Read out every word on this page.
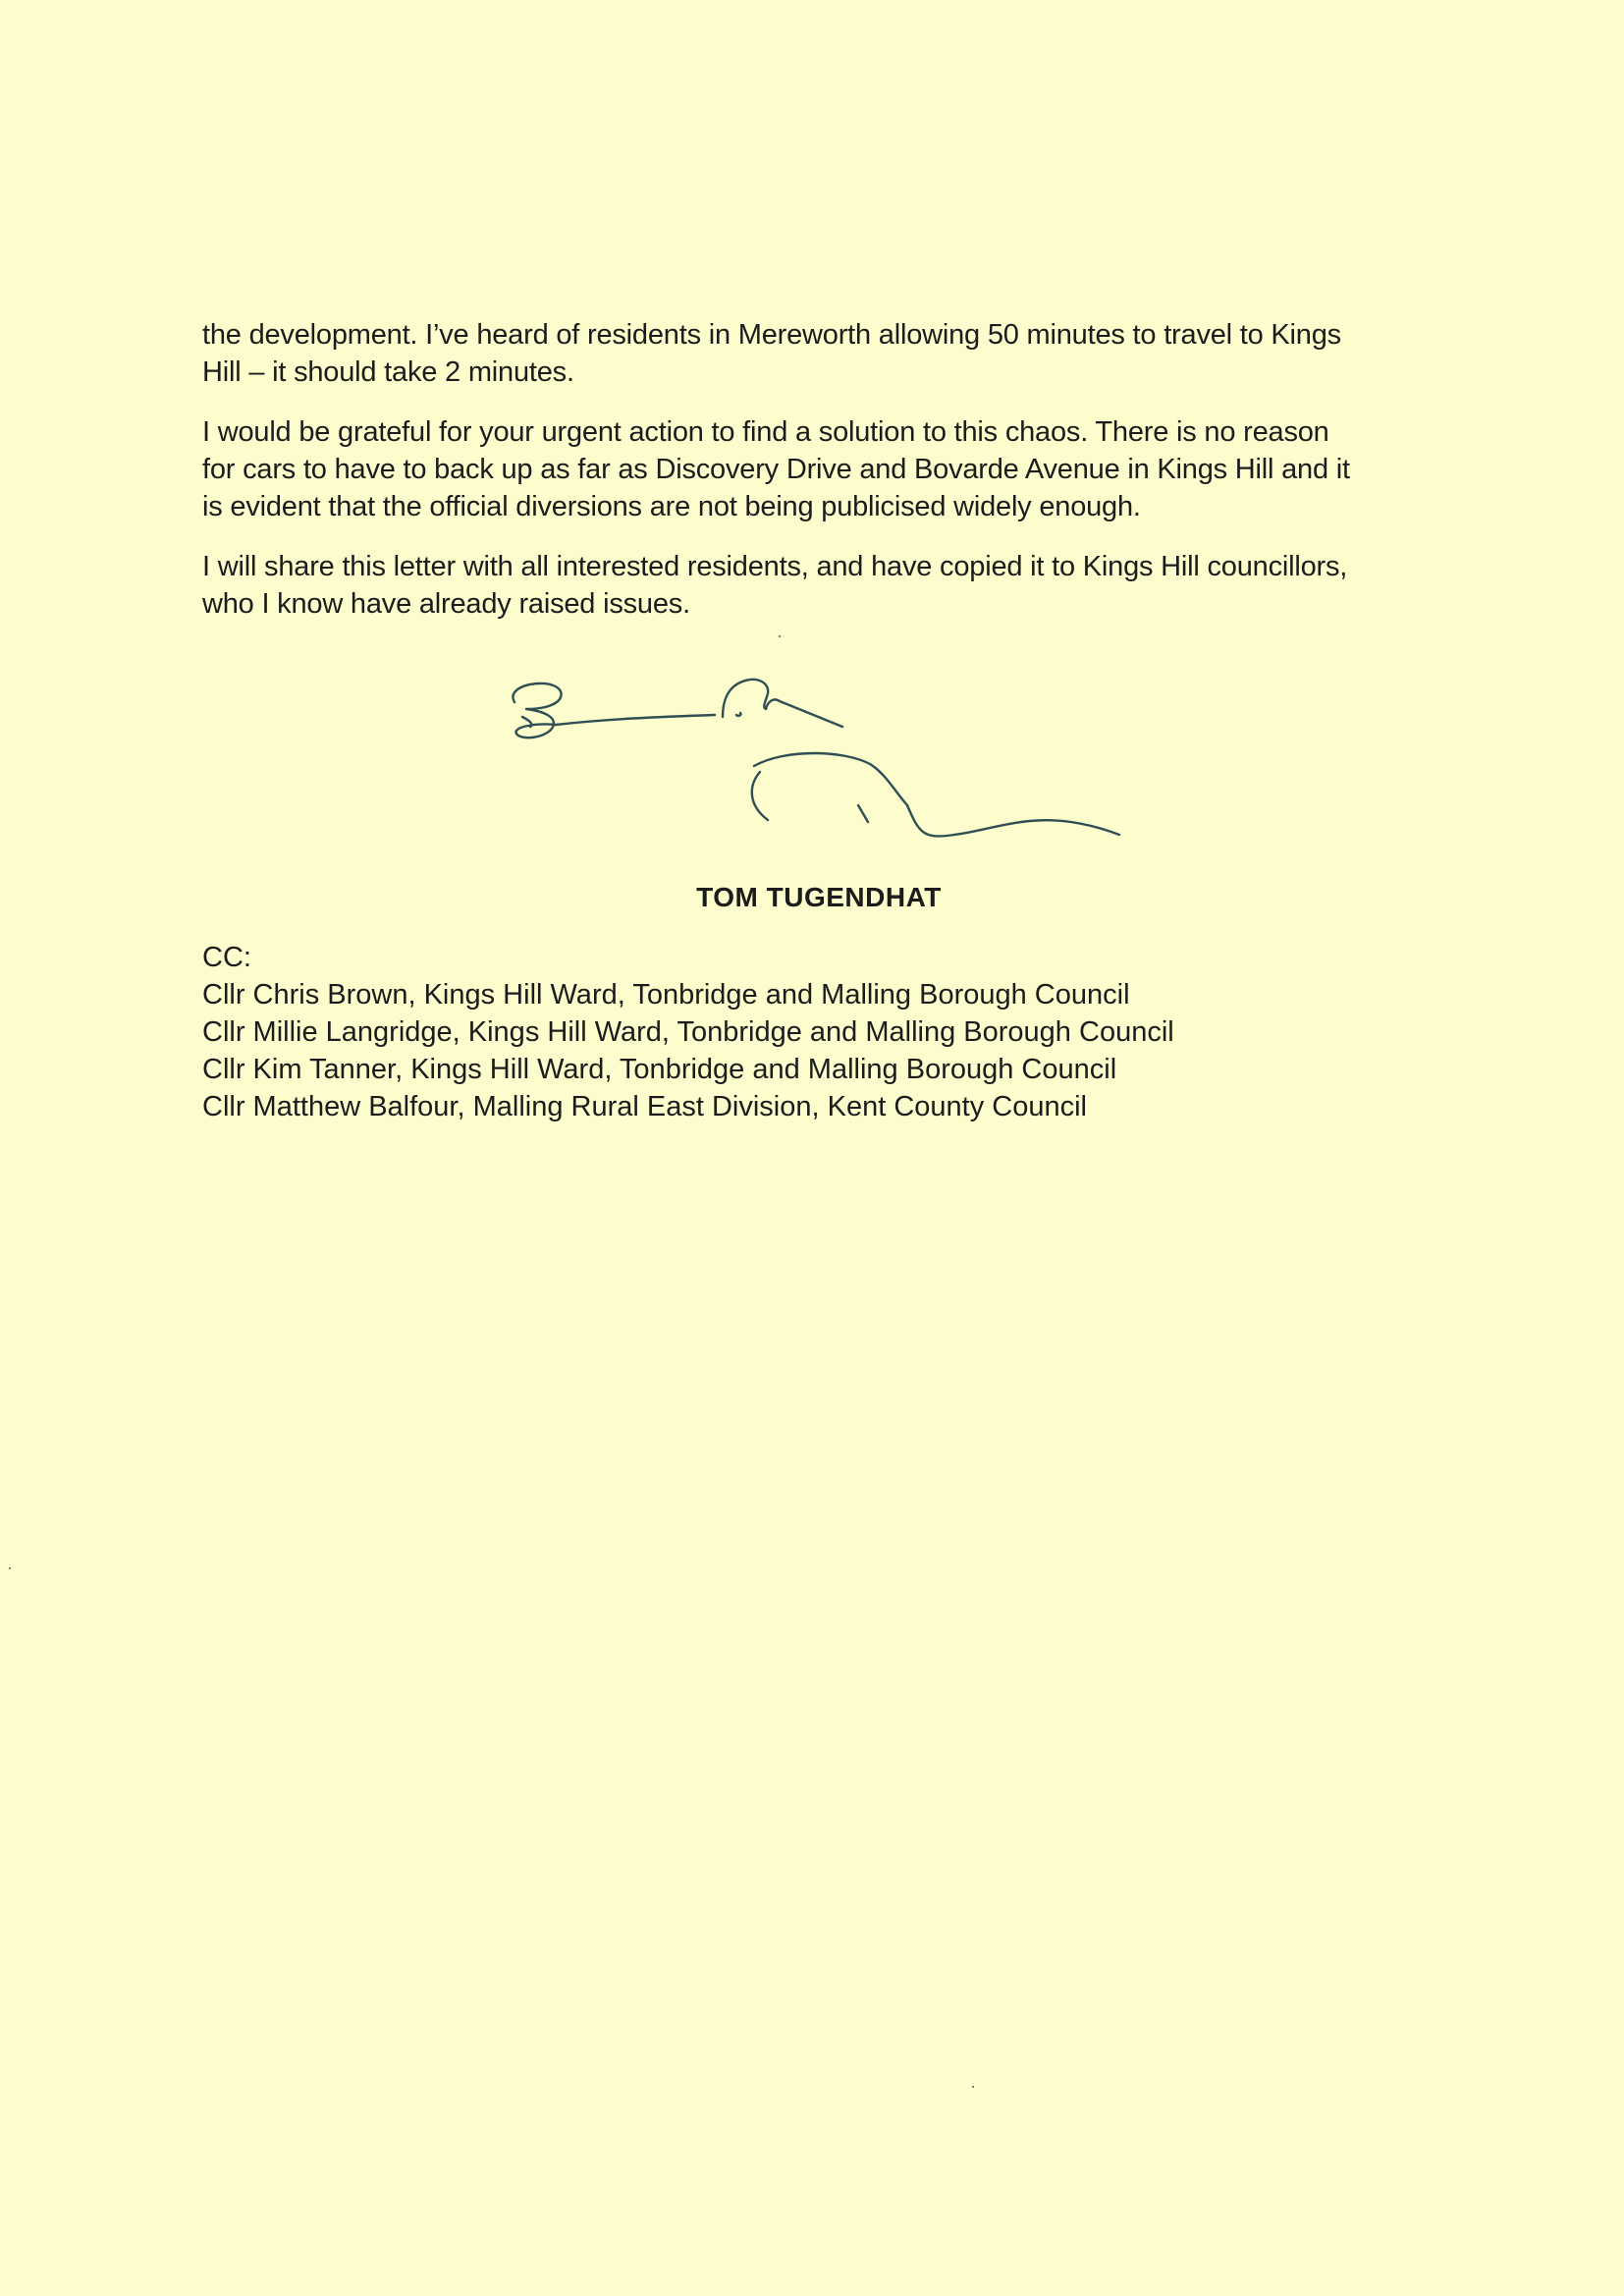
the development. I’ve heard of residents in Mereworth allowing 50 minutes to travel to Kings
Hill – it should take 2 minutes.

I would be grateful for your urgent action to find a solution to this chaos. There is no reason
for cars to have to back up as far as Discovery Drive and Bovarde Avenue in Kings Hill and it
is evident that the official diversions are not being publicised widely enough.

I will share this letter with all interested residents, and have copied it to Kings Hill councillors,
who I know have already raised issues.

TOM TUGENDHAT
CC:
Cllr Chris Brown, Kings Hill Ward, Tonbridge and Malling Borough Council
Cllr Millie Langridge, Kings Hill Ward, Tonbridge and Malling Borough Council
Cllr Kim Tanner, Kings Hill Ward, Tonbridge and Malling Borough Council
Cllr Matthew Balfour, Malling Rural East Division, Kent County Council
